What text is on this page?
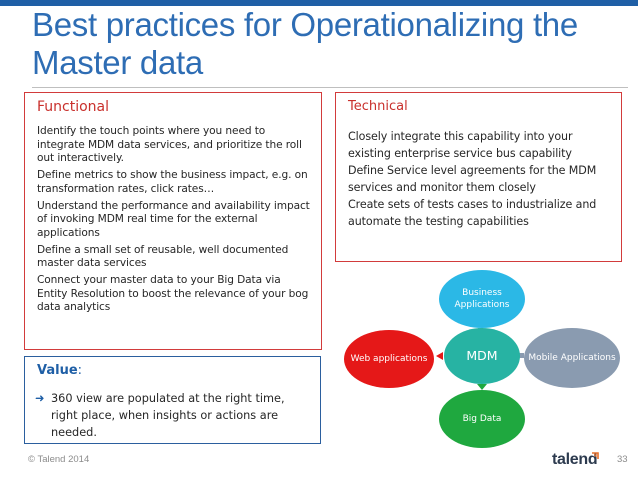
Best practices for Operationalizing the Master data
Functional
Identify the touch points where you need to integrate MDM data services, and prioritize the roll out interactively.
Define metrics to show the business impact, e.g. on transformation rates, click rates…
Understand the performance and availability impact of invoking MDM real time for the external applications
Define a small set of reusable, well documented master data services
Connect your master data to your Big Data via Entity Resolution to boost the relevance of your bog data analytics
Technical
Closely integrate this capability into your existing enterprise service bus capability
Define Service level agreements for the MDM services and monitor them closely
Create sets of tests cases to industrialize and automate the testing capabilities
Value:
➜ 360 view are populated at the right time, right place, when insights or actions are needed.
Business Applications
Web applications	Mobile Applications
Big Data
MDM
© Talend 2014	talend 33
